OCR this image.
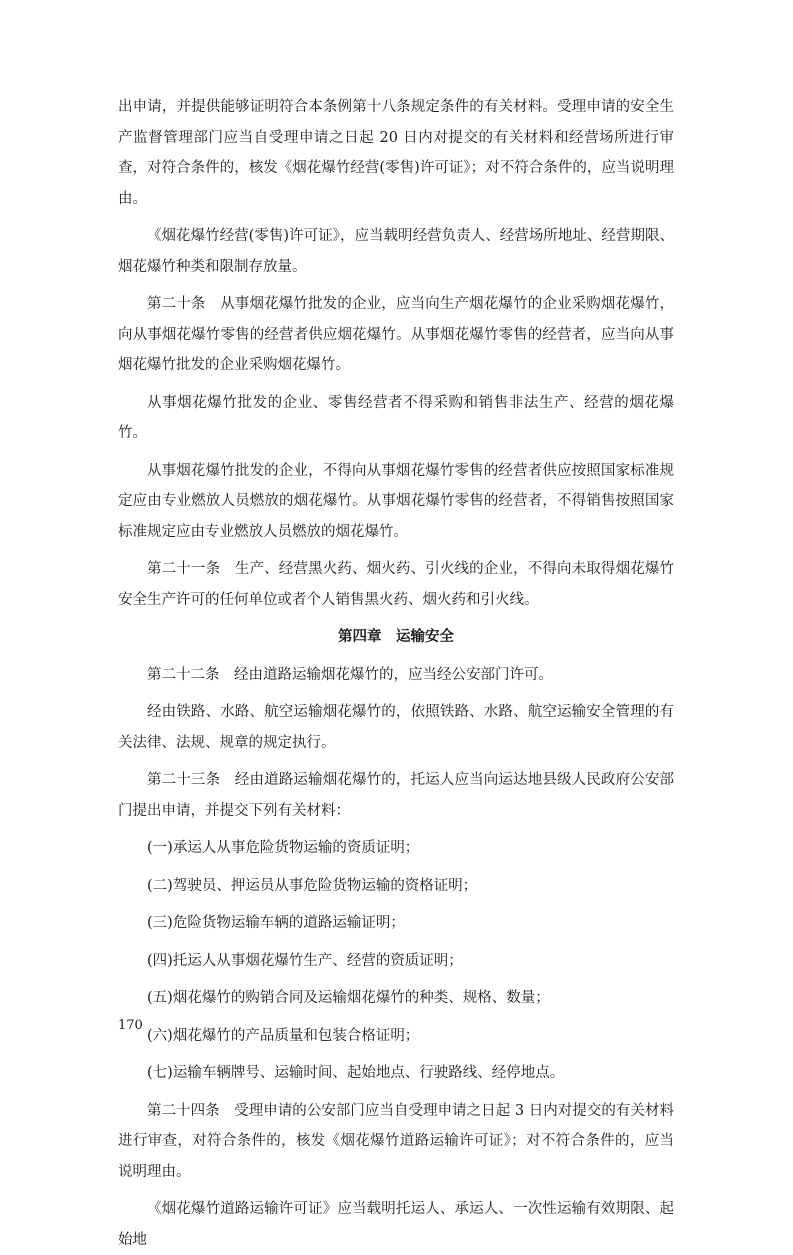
出申请，并提供能够证明符合本条例第十八条规定条件的有关材料。受理申请的安全生产监督管理部门应当自受理申请之日起 20 日内对提交的有关材料和经营场所进行审查，对符合条件的，核发《烟花爆竹经营(零售)许可证》；对不符合条件的，应当说明理由。

《烟花爆竹经营(零售)许可证》，应当载明经营负责人、经营场所地址、经营期限、烟花爆竹种类和限制存放量。

第二十条　从事烟花爆竹批发的企业，应当向生产烟花爆竹的企业采购烟花爆竹，向从事烟花爆竹零售的经营者供应烟花爆竹。从事烟花爆竹零售的经营者，应当向从事烟花爆竹批发的企业采购烟花爆竹。

从事烟花爆竹批发的企业、零售经营者不得采购和销售非法生产、经营的烟花爆竹。

从事烟花爆竹批发的企业，不得向从事烟花爆竹零售的经营者供应按照国家标准规定应由专业燃放人员燃放的烟花爆竹。从事烟花爆竹零售的经营者，不得销售按照国家标准规定应由专业燃放人员燃放的烟花爆竹。

第二十一条　生产、经营黑火药、烟火药、引火线的企业，不得向未取得烟花爆竹安全生产许可的任何单位或者个人销售黑火药、烟火药和引火线。

第四章　运输安全

第二十二条　经由道路运输烟花爆竹的，应当经公安部门许可。

经由铁路、水路、航空运输烟花爆竹的，依照铁路、水路、航空运输安全管理的有关法律、法规、规章的规定执行。

第二十三条　经由道路运输烟花爆竹的，托运人应当向运达地县级人民政府公安部门提出申请，并提交下列有关材料：

(一)承运人从事危险货物运输的资质证明；

(二)驾驶员、押运员从事危险货物运输的资格证明；

(三)危险货物运输车辆的道路运输证明；

(四)托运人从事烟花爆竹生产、经营的资质证明；

(五)烟花爆竹的购销合同及运输烟花爆竹的种类、规格、数量；

(六)烟花爆竹的产品质量和包装合格证明；

(七)运输车辆牌号、运输时间、起始地点、行驶路线、经停地点。

第二十四条　受理申请的公安部门应当自受理申请之日起 3 日内对提交的有关材料进行审查，对符合条件的，核发《烟花爆竹道路运输许可证》；对不符合条件的，应当说明理由。

《烟花爆竹道路运输许可证》应当载明托运人、承运人、一次性运输有效期限、起始地

170
